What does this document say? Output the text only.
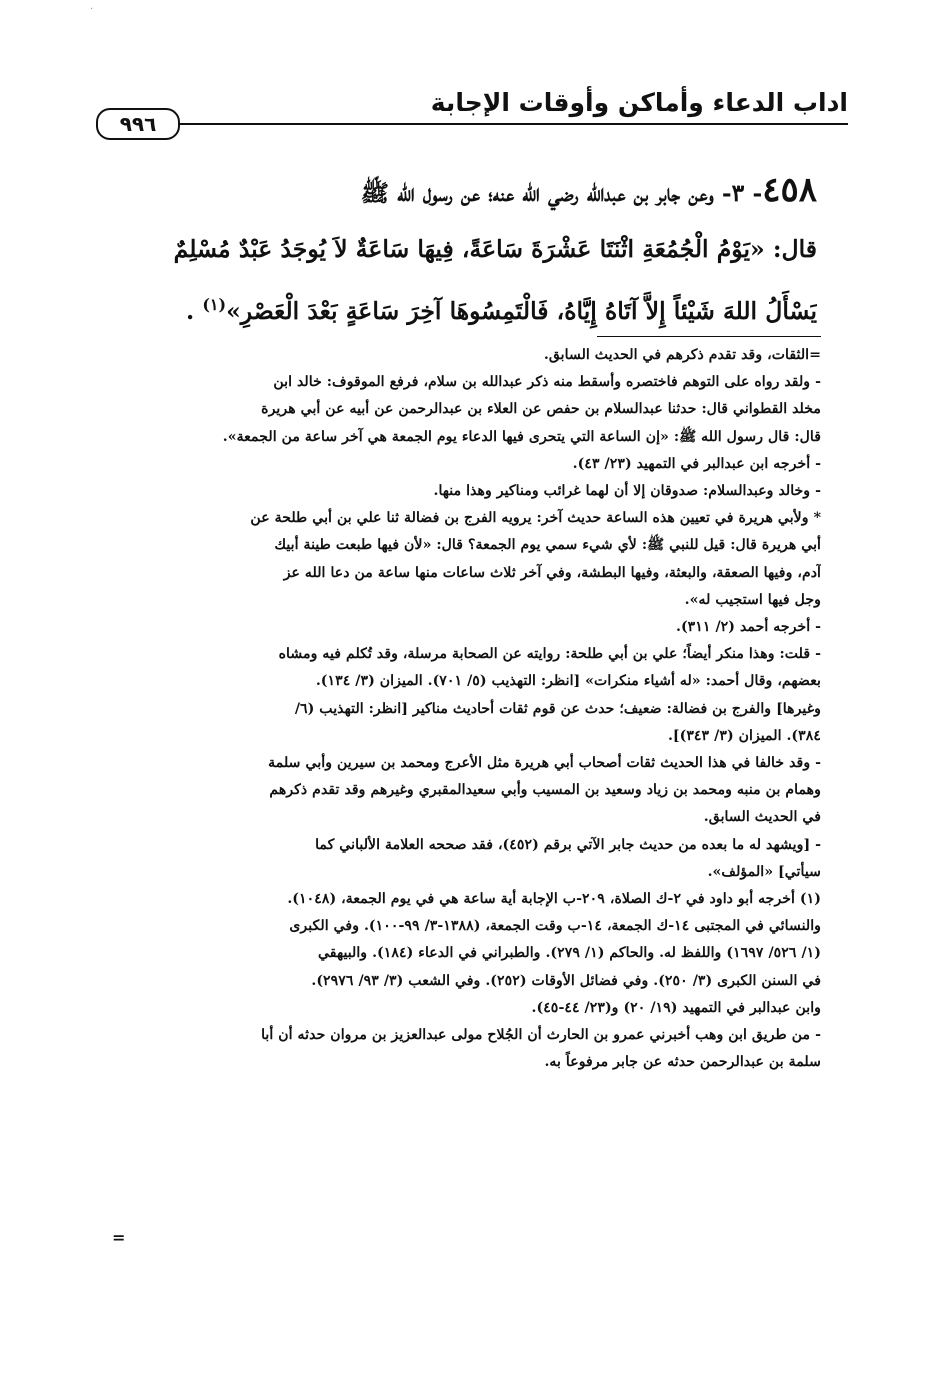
·
اداب الدعاء وأماكن وأوقات الإجابة
٩٩٦

٤٥٨- ٣- وعن جابر بن عبدالله رضي الله عنه؛ عن رسول الله ﷺ

قال: «يَوْمُ الْجُمُعَةِ اثْنَتَا عَشْرَةَ سَاعَةً، فِيهَا سَاعَةٌ لاَ يُوجَدُ عَبْدٌ مُسْلِمٌ

يَسْأَلُ اللهَ شَيْئاً إِلاَّ آتَاهُ إِيَّاهُ، فَالْتَمِسُوهَا آخِرَ سَاعَةٍ بَعْدَ الْعَصْرِ»$^{(١)}$ .

=الثقات، وقد تقدم ذكرهم في الحديث السابق.

- ولقد رواه على التوهم فاختصره وأسقط منه ذكر عبدالله بن سلام، فرفع الموقوف: خالد ابن

مخلد القطواني قال: حدثنا عبدالسلام بن حفص عن العلاء بن عبدالرحمن عن أبيه عن أبي هريرة

قال: قال رسول الله ﷺ: «إن الساعة التي يتحرى فيها الدعاء يوم الجمعة هي آخر ساعة من الجمعة».

- أخرجه ابن عبدالبر في التمهيد (٢٣/ ٤٣).

- وخالد وعبدالسلام: صدوقان إلا أن لهما غرائب ومناكير وهذا منها.

* ولأبي هريرة في تعيين هذه الساعة حديث آخر: يرويه الفرج بن فضالة ثنا علي بن أبي طلحة عن

أبي هريرة قال: قيل للنبي ﷺ: لأي شيء سمي يوم الجمعة؟ قال: «لأن فيها طبعت طينة أبيك

آدم، وفيها الصعقة، والبعثة، وفيها البطشة، وفي آخر ثلاث ساعات منها ساعة من دعا الله عز

وجل فيها استجيب له».

- أخرجه أحمد (٢/ ٣١١).

- قلت: وهذا منكر أيضاً؛ علي بن أبي طلحة: روايته عن الصحابة مرسلة، وقد تُكلم فيه ومشاه

بعضهم، وقال أحمد: «له أشياء منكرات» [انظر: التهذيب (٥/ ٧٠١). الميزان (٣/ ١٣٤).

وغيرها] والفرج بن فضالة: ضعيف؛ حدث عن قوم ثقات أحاديث مناكير [انظر: التهذيب (٦/

٣٨٤). الميزان (٣/ ٣٤٣)].

- وقد خالفا في هذا الحديث ثقات أصحاب أبي هريرة مثل الأعرج ومحمد بن سيرين وأبي سلمة

وهمام بن منبه ومحمد بن زياد وسعيد بن المسيب وأبي سعيدالمقبري وغيرهم وقد تقدم ذكرهم

في الحديث السابق.

- [ويشهد له ما بعده من حديث جابر الآتي برقم (٤٥٢)، فقد صححه العلامة الألباني كما

سيأتي] «المؤلف».

(١) أخرجه أبو داود في ٢-ك الصلاة، ٢٠٩-ب الإجابة أية ساعة هي في يوم الجمعة، (١٠٤٨).

والنسائي في المجتبى ١٤-ك الجمعة، ١٤-ب وقت الجمعة، (١٣٨٨-٣/ ٩٩-١٠٠). وفي الكبرى

(١/ ٥٢٦/ ١٦٩٧) واللفظ له. والحاكم (١/ ٢٧٩). والطبراني في الدعاء (١٨٤). والبيهقي

في السنن الكبرى (٣/ ٢٥٠). وفي فضائل الأوقات (٢٥٢). وفي الشعب (٣/ ٩٣/ ٢٩٧٦).

وابن عبدالبر في التمهيد (١٩/ ٢٠) و(٢٣/ ٤٤-٤٥).

- من طريق ابن وهب أخبرني عمرو بن الحارث أن الجُلاح مولى عبدالعزيز بن مروان حدثه أن أبا

سلمة بن عبدالرحمن حدثه عن جابر مرفوعاً به.

=
